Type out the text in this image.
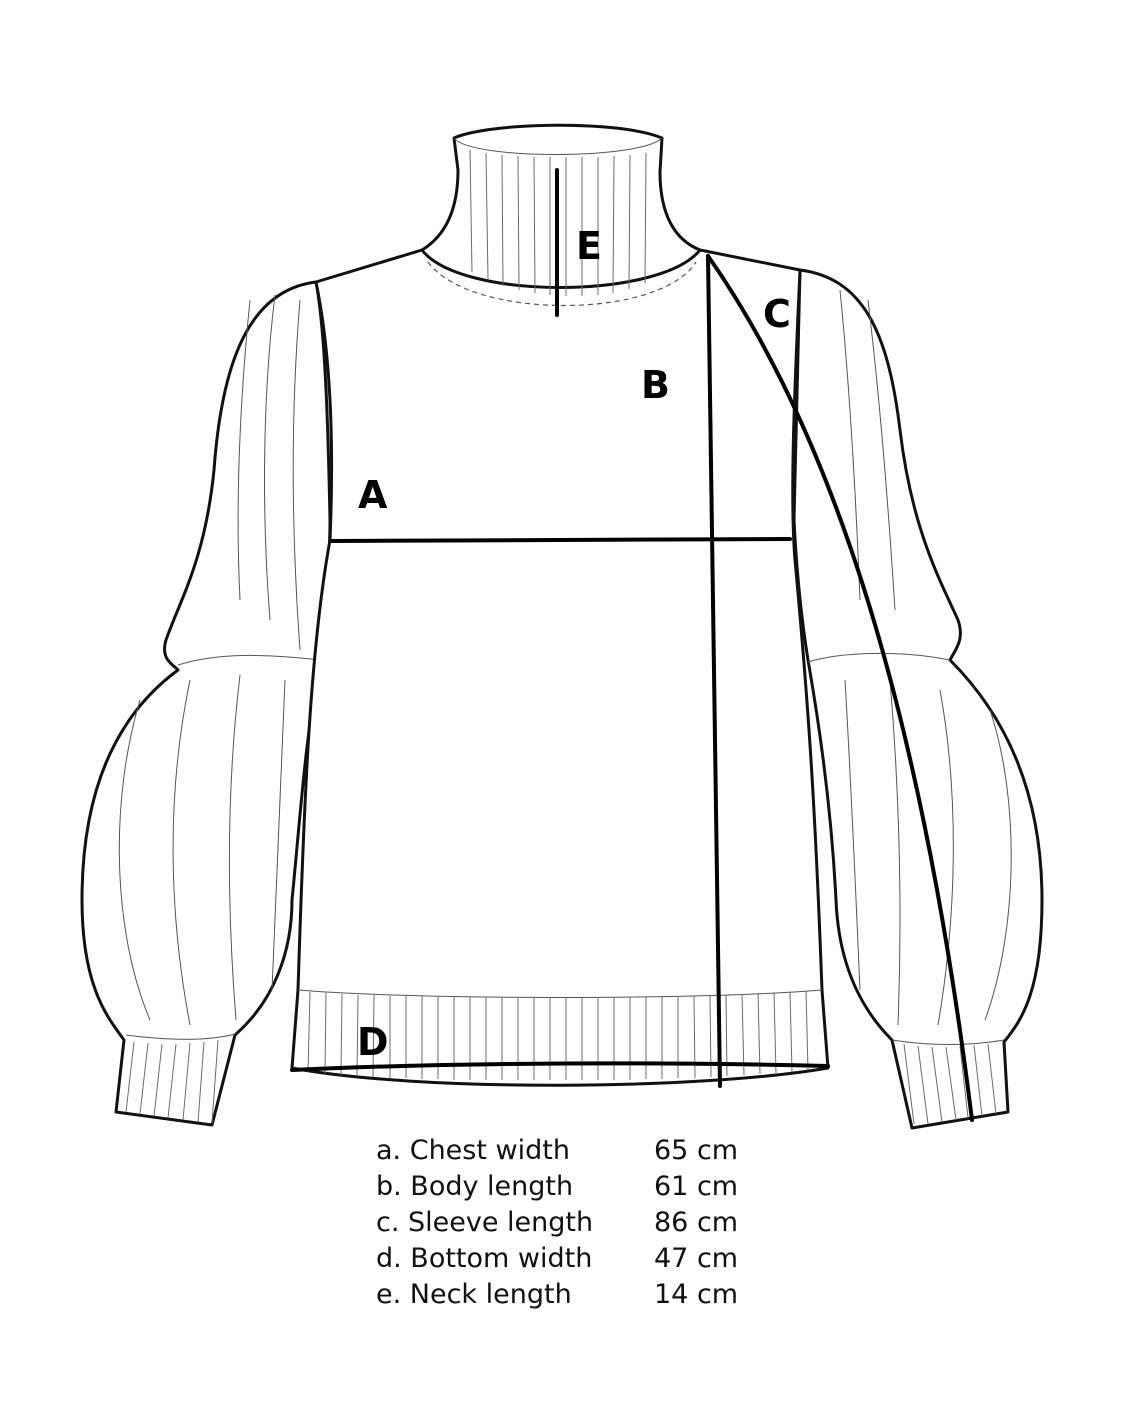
A
B
C
D
E
a. Chest width	65 cm
b. Body length	61 cm
c. Sleeve length	86 cm
d. Bottom width	47 cm
e. Neck length	14 cm
